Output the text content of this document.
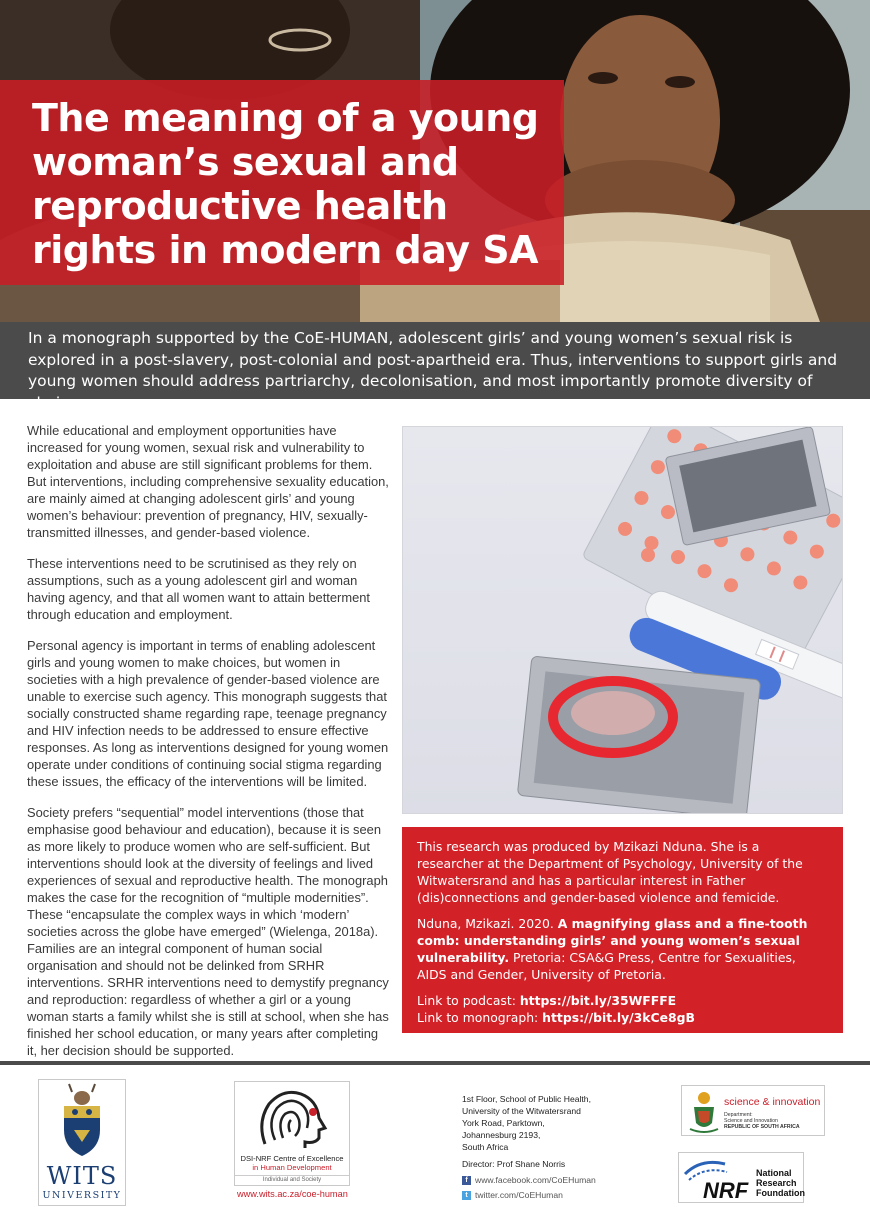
The meaning of a young woman’s sexual and reproductive health rights in modern day SA

In a monograph supported by the CoE-HUMAN, adolescent girls’ and young women’s sexual risk is explored in a post-slavery, post-colonial and post-apartheid era. Thus, interventions to support girls and young women should address partriarchy, decolonisation, and most importantly promote diversity of choices.

While educational and employment opportunities have increased for young women, sexual risk and vulnerability to exploitation and abuse are still significant problems for them. But interventions, including comprehensive sexuality education, are mainly aimed at changing adolescent girls’ and young women’s behaviour: prevention of pregnancy, HIV, sexually-transmitted illnesses, and gender-based violence.

These interventions need to be scrutinised as they rely on assumptions, such as a young adolescent girl and woman having agency, and that all women want to attain betterment through education and employment.

Personal agency is important in terms of enabling adolescent girls and young women to make choices, but women in societies with a high prevalence of gender-based violence are unable to exercise such agency. This monograph suggests that socially constructed shame regarding rape, teenage pregnancy and HIV infection needs to be addressed to ensure effective responses. As long as interventions designed for young women operate under conditions of continuing social stigma regarding these issues, the efficacy of the interventions will be limited.

Society prefers “sequential” model interventions (those that emphasise good behaviour and education), because it is seen as more likely to produce women who are self-sufficient. But interventions should look at the diversity of feelings and lived experiences of sexual and reproductive health. The monograph makes the case for the recognition of “multiple modernities”. These “encapsulate the complex ways in which ‘modern’ societies across the globe have emerged” (Wielenga, 2018a). Families are an integral component of human social organisation and should not be delinked from SRHR interventions. SRHR interventions need to demystify pregnancy and reproduction: regardless of whether a girl or a young woman starts a family whilst she is still at school, when she has finished her school education, or many years after completing it, her decision should be supported.

This research was produced by Mzikazi Nduna. She is a researcher at the Department of Psychology, University of the Witwatersrand and has a particular interest in Father (dis)connections and gender-based violence and femicide.

Nduna, Mzikazi. 2020. A magnifying glass and a fine-tooth comb: understanding girls’ and young women’s sexual vulnerability. Pretoria: CSA&G Press, Centre for Sexualities, AIDS and Gender, University of Pretoria.

Link to podcast: https://bit.ly/35WFFFE
Link to monograph: https://bit.ly/3kCe8gB

WITS
UNIVERSITY
DSI-NRF Centre of Excellence
in Human Development
Individual and Society
www.wits.ac.za/coe-human
1st Floor, School of Public Health,
University of the Witwatersrand
York Road, Parktown,
Johannesburg 2193,
South Africa
Director: Prof Shane Norris
f www.facebook.com/CoEHuman
t twitter.com/CoEHuman
science & innovation
Department:
Science and Innovation
REPUBLIC OF SOUTH AFRICA
NRF
National
Research
Foundation
